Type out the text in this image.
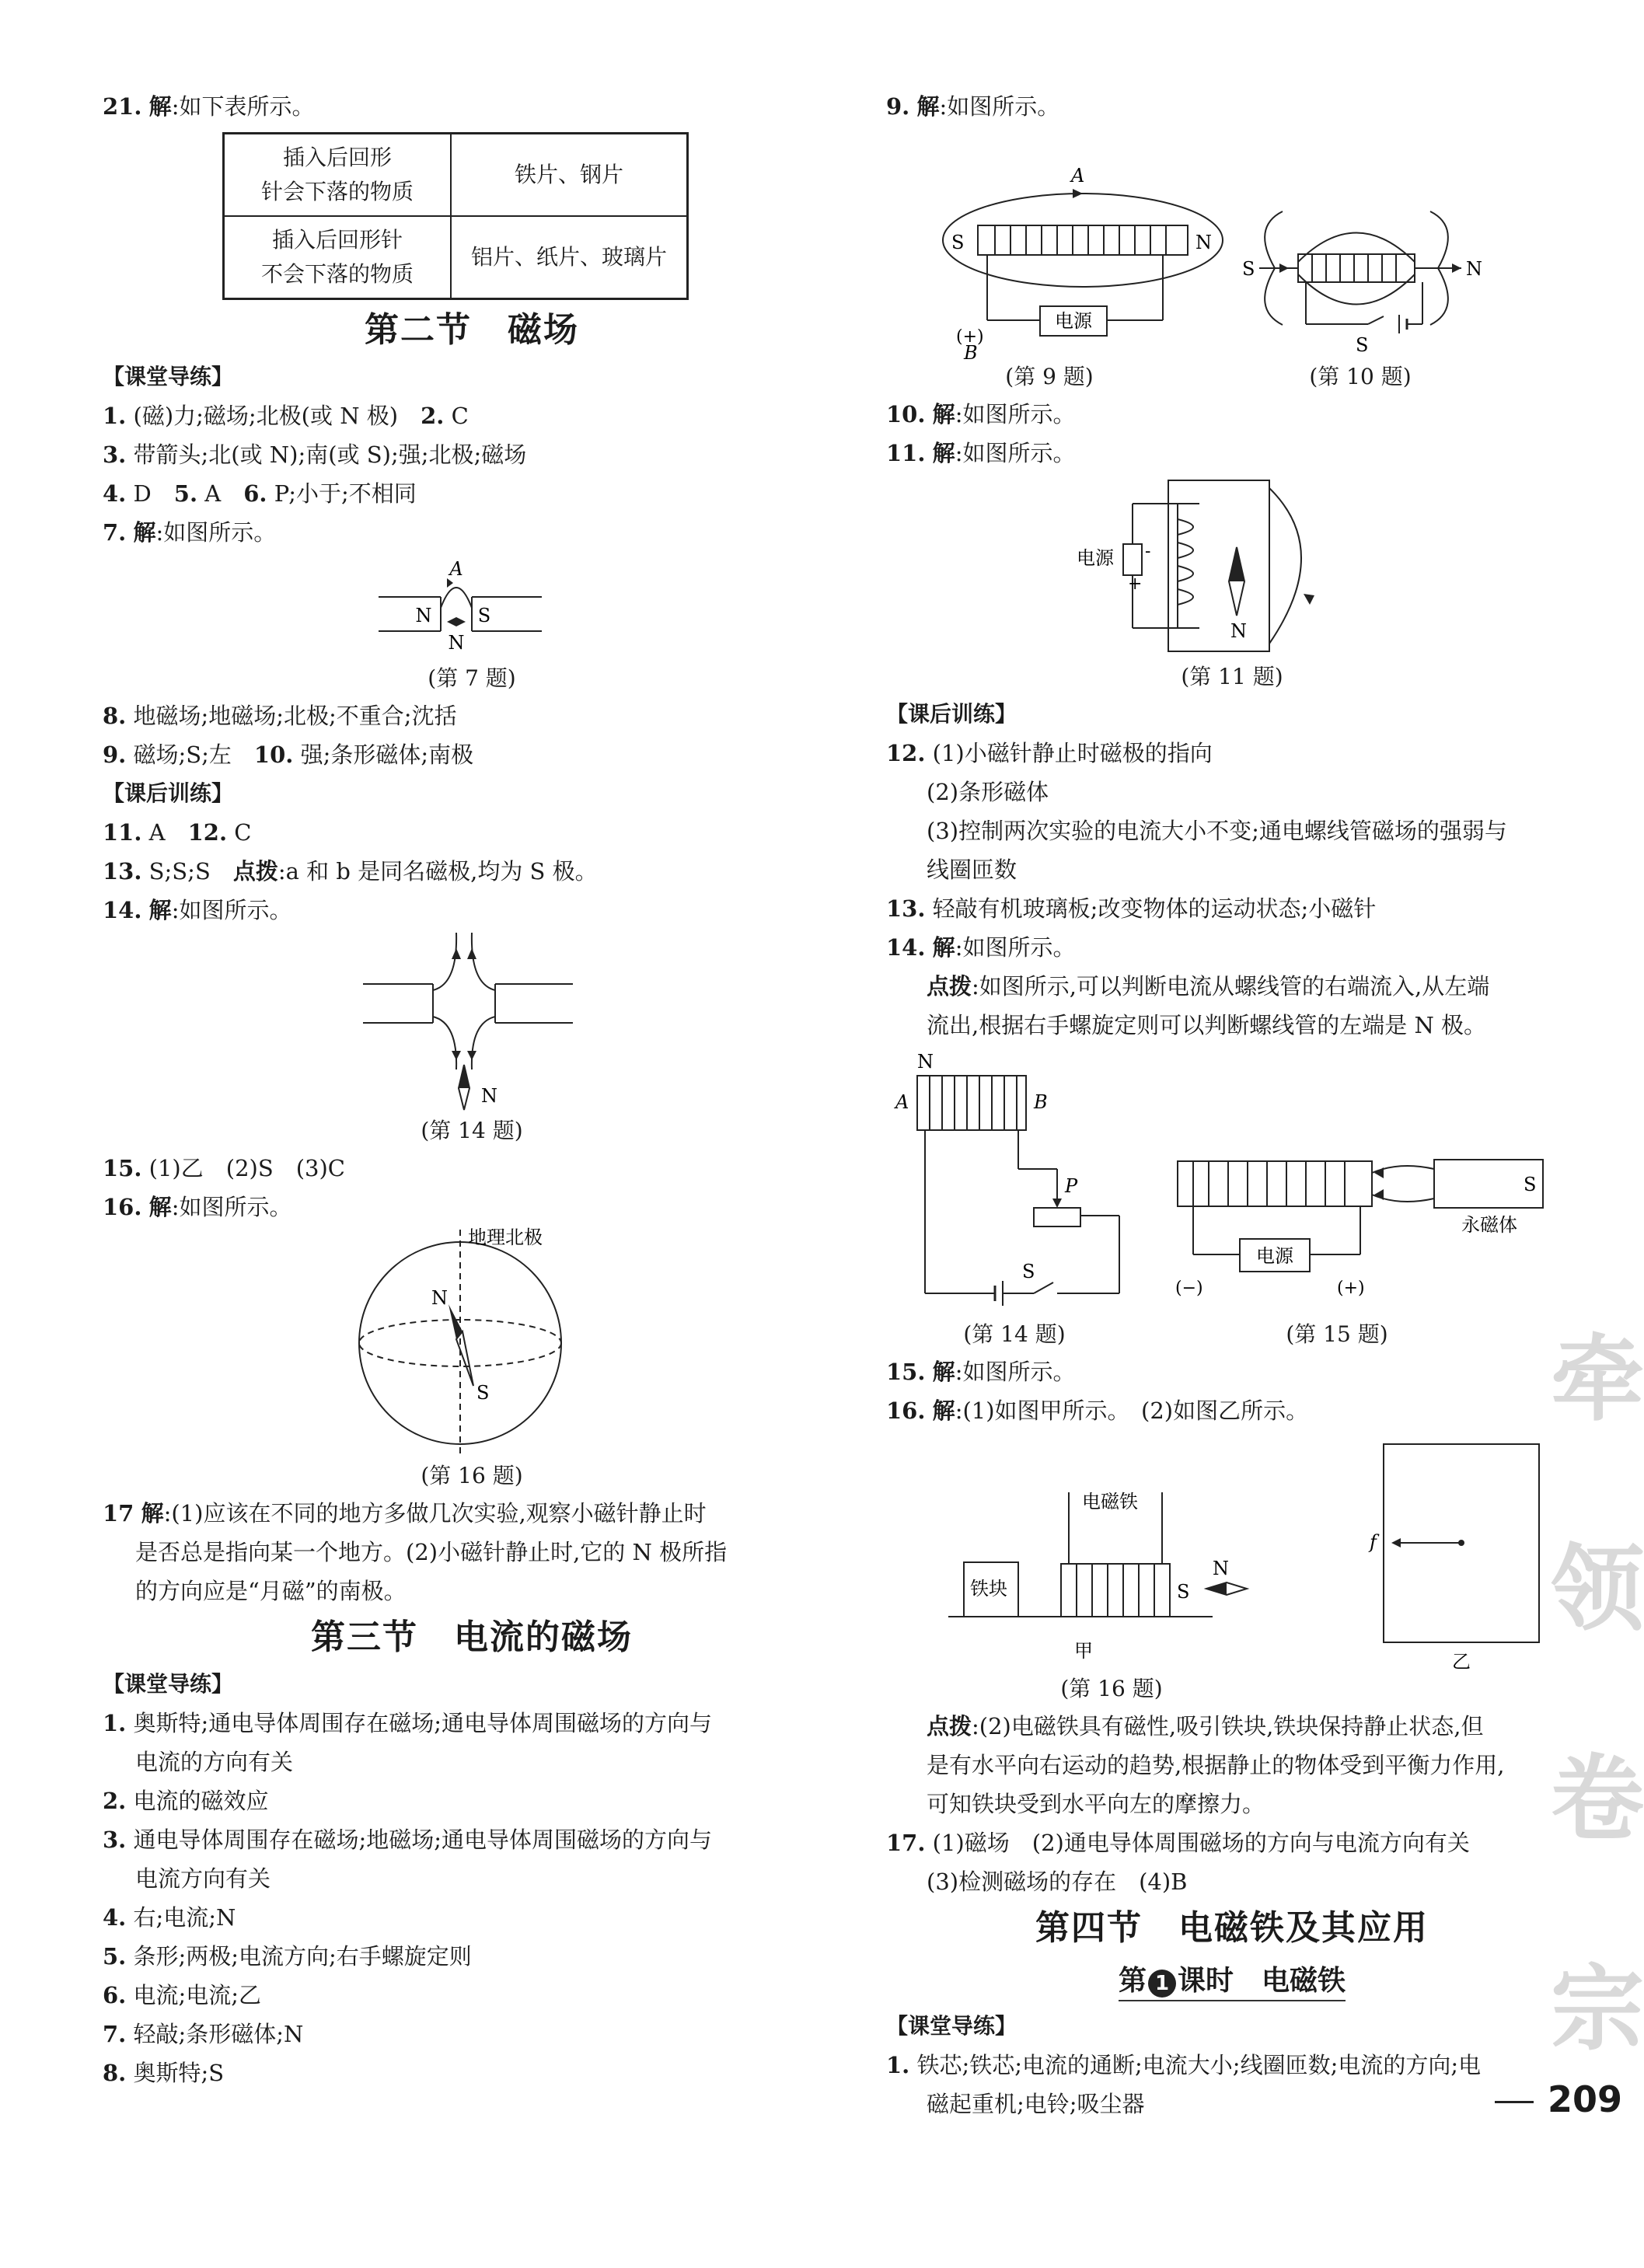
21. 解:如下表所示。
插入后回形
针会下落的物质	铁片、钢片

插入后回形针
不会下落的物质	铝片、纸片、玻璃片
第二节　磁场
【课堂导练】
1. (磁)力;磁场;北极(或 N 极)　2. C
3. 带箭头;北(或 N);南(或 S);强;北极;磁场
4. D　5. A　6. P;小于;不相同
7. 解:如图所示。
A
N S
N
(第 7 题)
8. 地磁场;地磁场;北极;不重合;沈括
9. 磁场;S;左　10. 强;条形磁体;南极
【课后训练】
11. A　12. C
13. S;S;S　点拨:a 和 b 是同名磁极,均为 S 极。
14. 解:如图所示。
N
(第 14 题)
15. (1)乙　(2)S　(3)C
16. 解:如图所示。
地理北极
N
S
(第 16 题)
17 解:(1)应该在不同的地方多做几次实验,观察小磁针静止时
是否总是指向某一个地方。(2)小磁针静止时,它的 N 极所指
的方向应是“月磁”的南极。
第三节　电流的磁场
【课堂导练】
1. 奥斯特;通电导体周围存在磁场;通电导体周围磁场的方向与
电流的方向有关
2. 电流的磁效应
3. 通电导体周围存在磁场;地磁场;通电导体周围磁场的方向与
电流方向有关
4. 右;电流;N
5. 条形;两极;电流方向;右手螺旋定则
6. 电流;电流;乙
7. 轻敲;条形磁体;N
8. 奥斯特;S
9. 解:如图所示。
A
S	N
电源
(+)
B
S	N
S
(第 9 题)	(第 10 题)
10. 解:如图所示。
11. 解:如图所示。
电源 -
+
N
(第 11 题)
【课后训练】
12. (1)小磁针静止时磁极的指向
(2)条形磁体
(3)控制两次实验的电流大小不变;通电螺线管磁场的强弱与
线圈匝数
13. 轻敲有机玻璃板;改变物体的运动状态;小磁针
14. 解:如图所示。
点拨:如图所示,可以判断电流从螺线管的右端流入,从左端
流出,根据右手螺旋定则可以判断螺线管的左端是 N 极。
N
A	B
P
S
S
永磁体
电源
(−)	(+)
(第 14 题)	(第 15 题)
15. 解:如图所示。
16. 解:(1)如图甲所示。　(2)如图乙所示。
电磁铁
铁块	S
N
甲
f
乙
(第 16 题)
点拨:(2)电磁铁具有磁性,吸引铁块,铁块保持静止状态,但
是有水平向右运动的趋势,根据静止的物体受到平衡力作用,
可知铁块受到水平向左的摩擦力。
17. (1)磁场　(2)通电导体周围磁场的方向与电流方向有关
(3)检测磁场的存在　(4)B
第四节　电磁铁及其应用
第 1 课时　电磁铁
【课堂导练】
1. 铁芯;铁芯;电流的通断;电流大小;线圈匝数;电流的方向;电
磁起重机;电铃;吸尘器
牵
领
卷
宗
209
